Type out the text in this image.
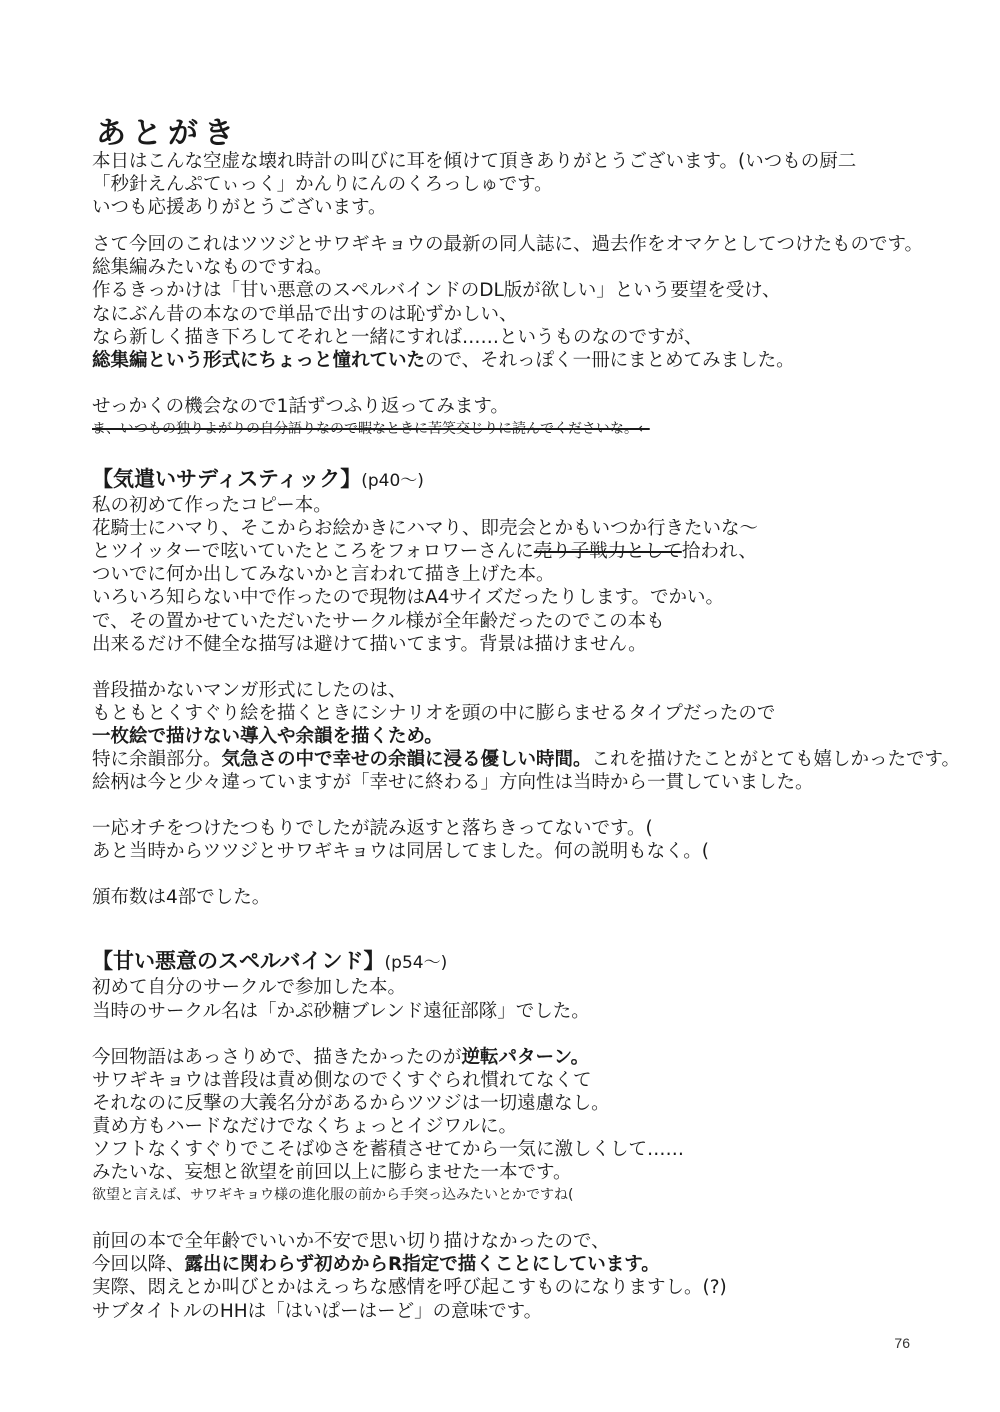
あとがき
本日はこんな空虚な壊れ時計の叫びに耳を傾けて頂きありがとうございます。(いつもの厨二
「秒針えんぷてぃっく」かんりにんのくろっしゅです。
いつも応援ありがとうございます。
さて今回のこれはツツジとサワギキョウの最新の同人誌に、過去作をオマケとしてつけたものです。
総集編みたいなものですね。
作るきっかけは「甘い悪意のスペルバインドのDL版が欲しい」という要望を受け、
なにぶん昔の本なので単品で出すのは恥ずかしい、
なら新しく描き下ろしてそれと一緒にすれば……というものなのですが、
総集編という形式にちょっと憧れていたので、それっぽく一冊にまとめてみました。
せっかくの機会なので1話ずつふり返ってみます。
ま、いつもの独りよがりの自分語りなので暇なときに苦笑交じりに読んでくださいな。←
【気遣いサディスティック】(p40～)
私の初めて作ったコピー本。
花騎士にハマり、そこからお絵かきにハマり、即売会とかもいつか行きたいな～
とツイッターで呟いていたところをフォロワーさんに売り子戦力として拾われ、
ついでに何か出してみないかと言われて描き上げた本。
いろいろ知らない中で作ったので現物はA4サイズだったりします。でかい。
で、その置かせていただいたサークル様が全年齢だったのでこの本も
出来るだけ不健全な描写は避けて描いてます。背景は描けません。
普段描かないマンガ形式にしたのは、
もともとくすぐり絵を描くときにシナリオを頭の中に膨らませるタイプだったので
一枚絵で描けない導入や余韻を描くため。
特に余韻部分。気急さの中で幸せの余韻に浸る優しい時間。これを描けたことがとても嬉しかったです。
絵柄は今と少々違っていますが「幸せに終わる」方向性は当時から一貫していました。
一応オチをつけたつもりでしたが読み返すと落ちきってないです。(
あと当時からツツジとサワギキョウは同居してました。何の説明もなく。(
頒布数は4部でした。
【甘い悪意のスペルバインド】(p54～)
初めて自分のサークルで参加した本。
当時のサークル名は「かぷ砂糖ブレンド遠征部隊」でした。
今回物語はあっさりめで、描きたかったのが逆転パターン。
サワギキョウは普段は責め側なのでくすぐられ慣れてなくて
それなのに反撃の大義名分があるからツツジは一切遠慮なし。
責め方もハードなだけでなくちょっとイジワルに。
ソフトなくすぐりでこそばゆさを蓄積させてから一気に激しくして……
みたいな、妄想と欲望を前回以上に膨らませた一本です。
欲望と言えば、サワギキョウ様の進化服の前から手突っ込みたいとかですね(
前回の本で全年齢でいいか不安で思い切り描けなかったので、
今回以降、露出に関わらず初めからR指定で描くことにしています。
実際、悶えとか叫びとかはえっちな感情を呼び起こすものになりますし。(?)
サブタイトルのHHは「はいぱーはーど」の意味です。
76
